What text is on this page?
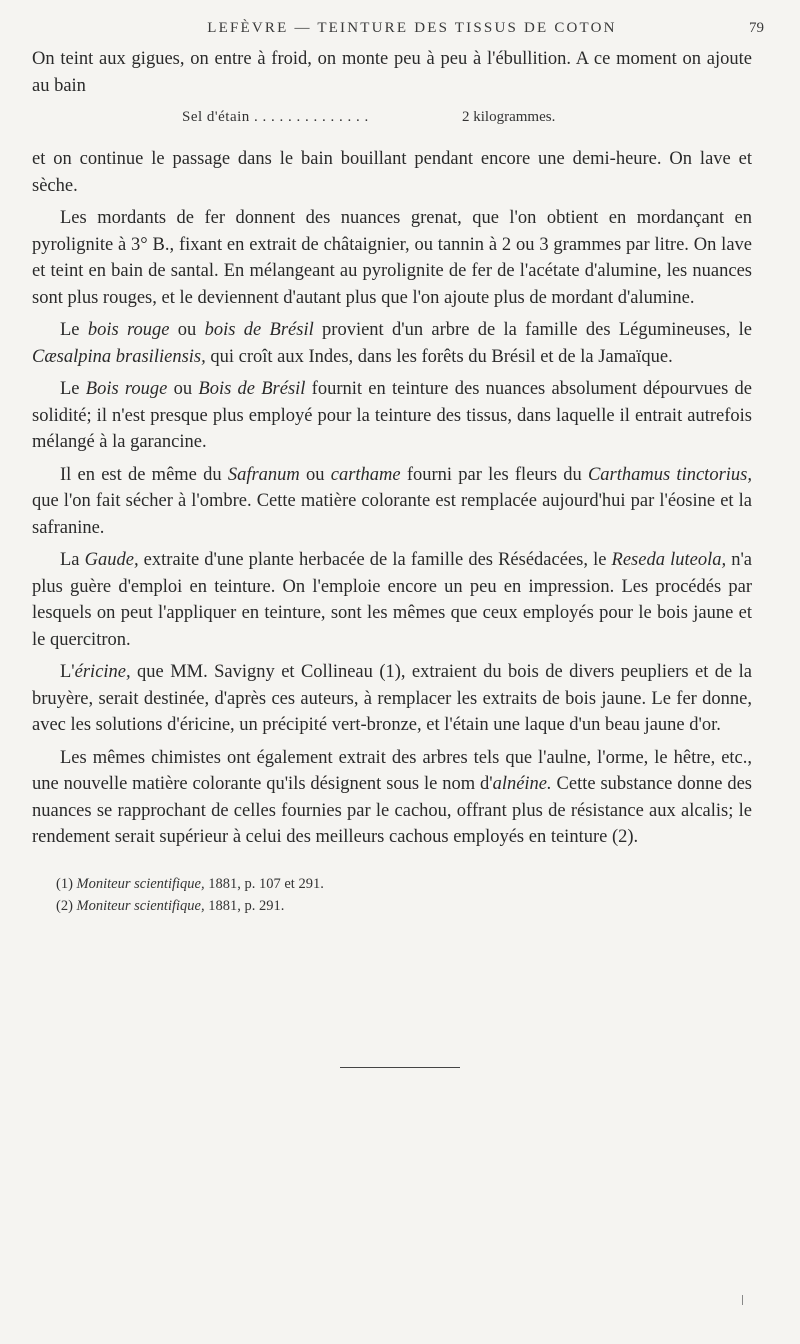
LEFÈVRE — TEINTURE DES TISSUS DE COTON	79

On teint aux gigues, on entre à froid, on monte peu à peu à l'ébullition. A ce moment on ajoute au bain

Sel d'étain . . . . . . . . . . . . . .	2 kilogrammes.

et on continue le passage dans le bain bouillant pendant encore une demi-heure. On lave et sèche.

Les mordants de fer donnent des nuances grenat, que l'on obtient en mordançant en pyrolignite à 3° B., fixant en extrait de châtaignier, ou tannin à 2 ou 3 grammes par litre. On lave et teint en bain de santal. En mélangeant au pyrolignite de fer de l'acétate d'alumine, les nuances sont plus rouges, et le deviennent d'autant plus que l'on ajoute plus de mordant d'alumine.

Le bois rouge ou bois de Brésil provient d'un arbre de la famille des Légumineuses, le Cæsalpina brasiliensis, qui croît aux Indes, dans les forêts du Brésil et de la Jamaïque.

Le Bois rouge ou Bois de Brésil fournit en teinture des nuances absolument dépourvues de solidité; il n'est presque plus employé pour la teinture des tissus, dans laquelle il entrait autrefois mélangé à la garancine.

Il en est de même du Safranum ou carthame fourni par les fleurs du Carthamus tinctorius, que l'on fait sécher à l'ombre. Cette matière colorante est remplacée aujourd'hui par l'éosine et la safranine.

La Gaude, extraite d'une plante herbacée de la famille des Résédacées, le Reseda luteola, n'a plus guère d'emploi en teinture. On l'emploie encore un peu en impression. Les procédés par lesquels on peut l'appliquer en teinture, sont les mêmes que ceux employés pour le bois jaune et le quercitron.

L'éricine, que MM. Savigny et Collineau (1), extraient du bois de divers peupliers et de la bruyère, serait destinée, d'après ces auteurs, à remplacer les extraits de bois jaune. Le fer donne, avec les solutions d'éricine, un précipité vert-bronze, et l'étain une laque d'un beau jaune d'or.

Les mêmes chimistes ont également extrait des arbres tels que l'aulne, l'orme, le hêtre, etc., une nouvelle matière colorante qu'ils désignent sous le nom d'alnéine. Cette substance donne des nuances se rapprochant de celles fournies par le cachou, offrant plus de résistance aux alcalis; le rendement serait supérieur à celui des meilleurs cachous employés en teinture (2).

(1) Moniteur scientifique, 1881, p. 107 et 291.
(2) Moniteur scientifique, 1881, p. 291.
